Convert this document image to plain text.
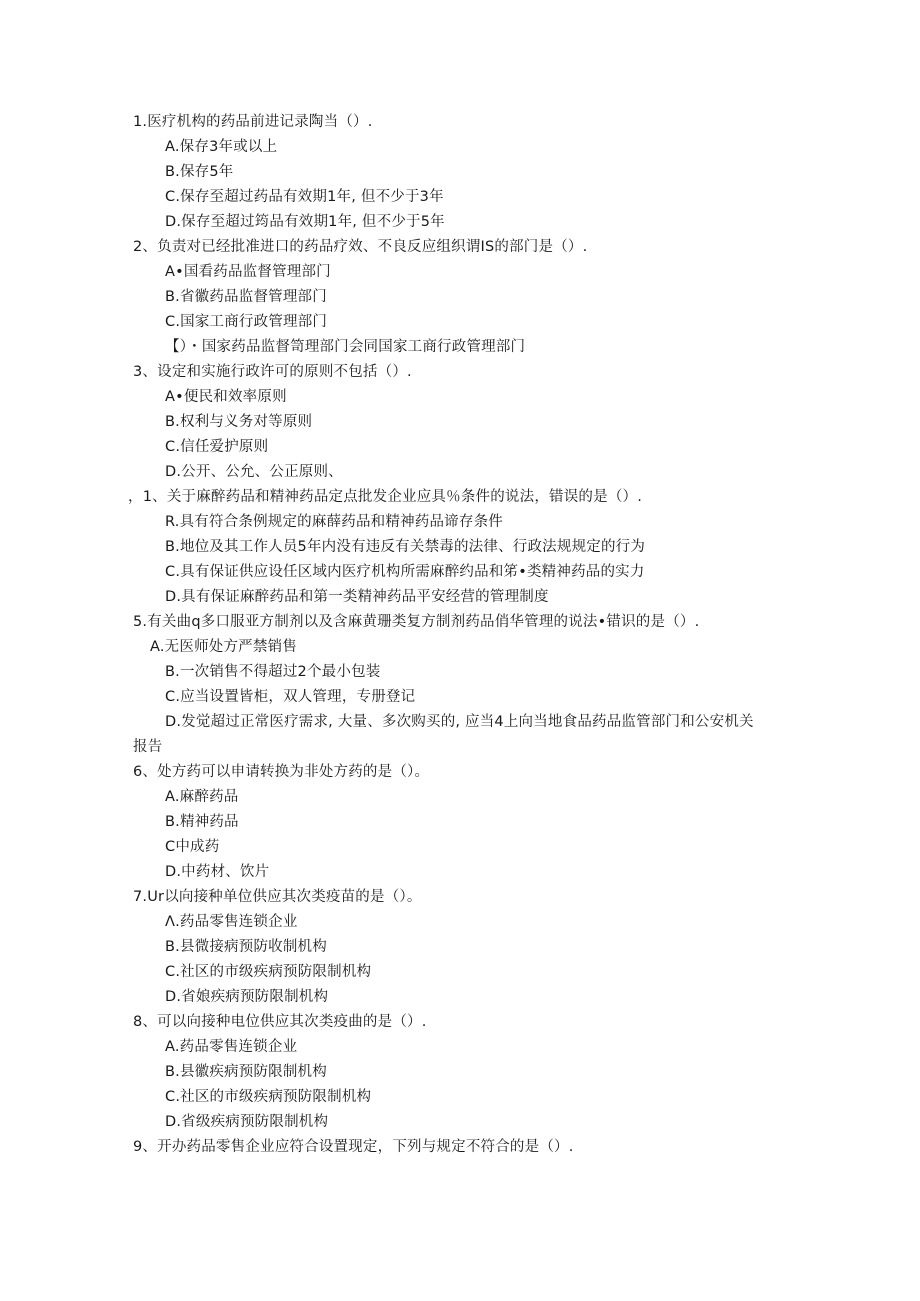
1.医疗机构的药品前进记录陶当（）.
A.保存3年或以上
B.保存5年
C.保存至超过药品有效期1年, 但不少于3年
D.保存至超过筠品有效期1年, 但不少于5年
2、负责对已经批准进口的药品疗效、不良反应组织谓IS的部门是（）.
A•国看药品监督管理部门
B.省徽药品监督管理部门
C.国家工商行政管理部门
【）・国家药品监督笥理部门会同国家工商行政管理部门
3、设定和实施行政许可的原则不包括（）.
A•便民和效率原则
B.权利与义务对等原则
C.信任爱护原则
D.公开、公允、公正原则、
，1、关于麻醉药品和精神药品定点批发企业应具％条件的说法，错误的是（）.
R.具有符合条例规定的麻薛药品和精神药品谛存条件
B.地位及其工作人员5年内没有违反有关禁毒的法律、行政法规规定的行为
C.具有保证供应设任区域内医疗机构所需麻醉约品和笫•类精神药品的实力
D.具有保证麻醉药品和第一类精神药品平安经营的管理制度
5.有关曲q多口服亚方制剂以及含麻黄珊类复方制剂药品俏华管理的说法•错识的是（）.
A.无医师处方严禁销售
B.一次销售不得超过2个最小包装
C.应当设置皆柜，双人管理，专册登记
D.发觉超过正常医疗需求, 大量、多次购买的, 应当4上向当地食品药品监管部门和公安机关
报告
6、处方药可以申请转换为非处方药的是（）。
A.麻醉药品
B.精神药品
C中成药
D.中药材、饮片
7.Ur以向接种单位供应其次类疫苗的是（）。
Λ.药品零售连锁企业
B.县微接病预防收制机构
C.社区的市级疾病预防限制机构
D.省娘疾病预防限制机构
8、可以向接种电位供应其次类疫曲的是（）.
A.药品零售连锁企业
B.县徽疾病预防限制机构
C.社区的市级疾病预防限制机构
D.省级疾病预防限制机构
9、开办药品零售企业应符合设置现定，下列与规定不符合的是（）.
